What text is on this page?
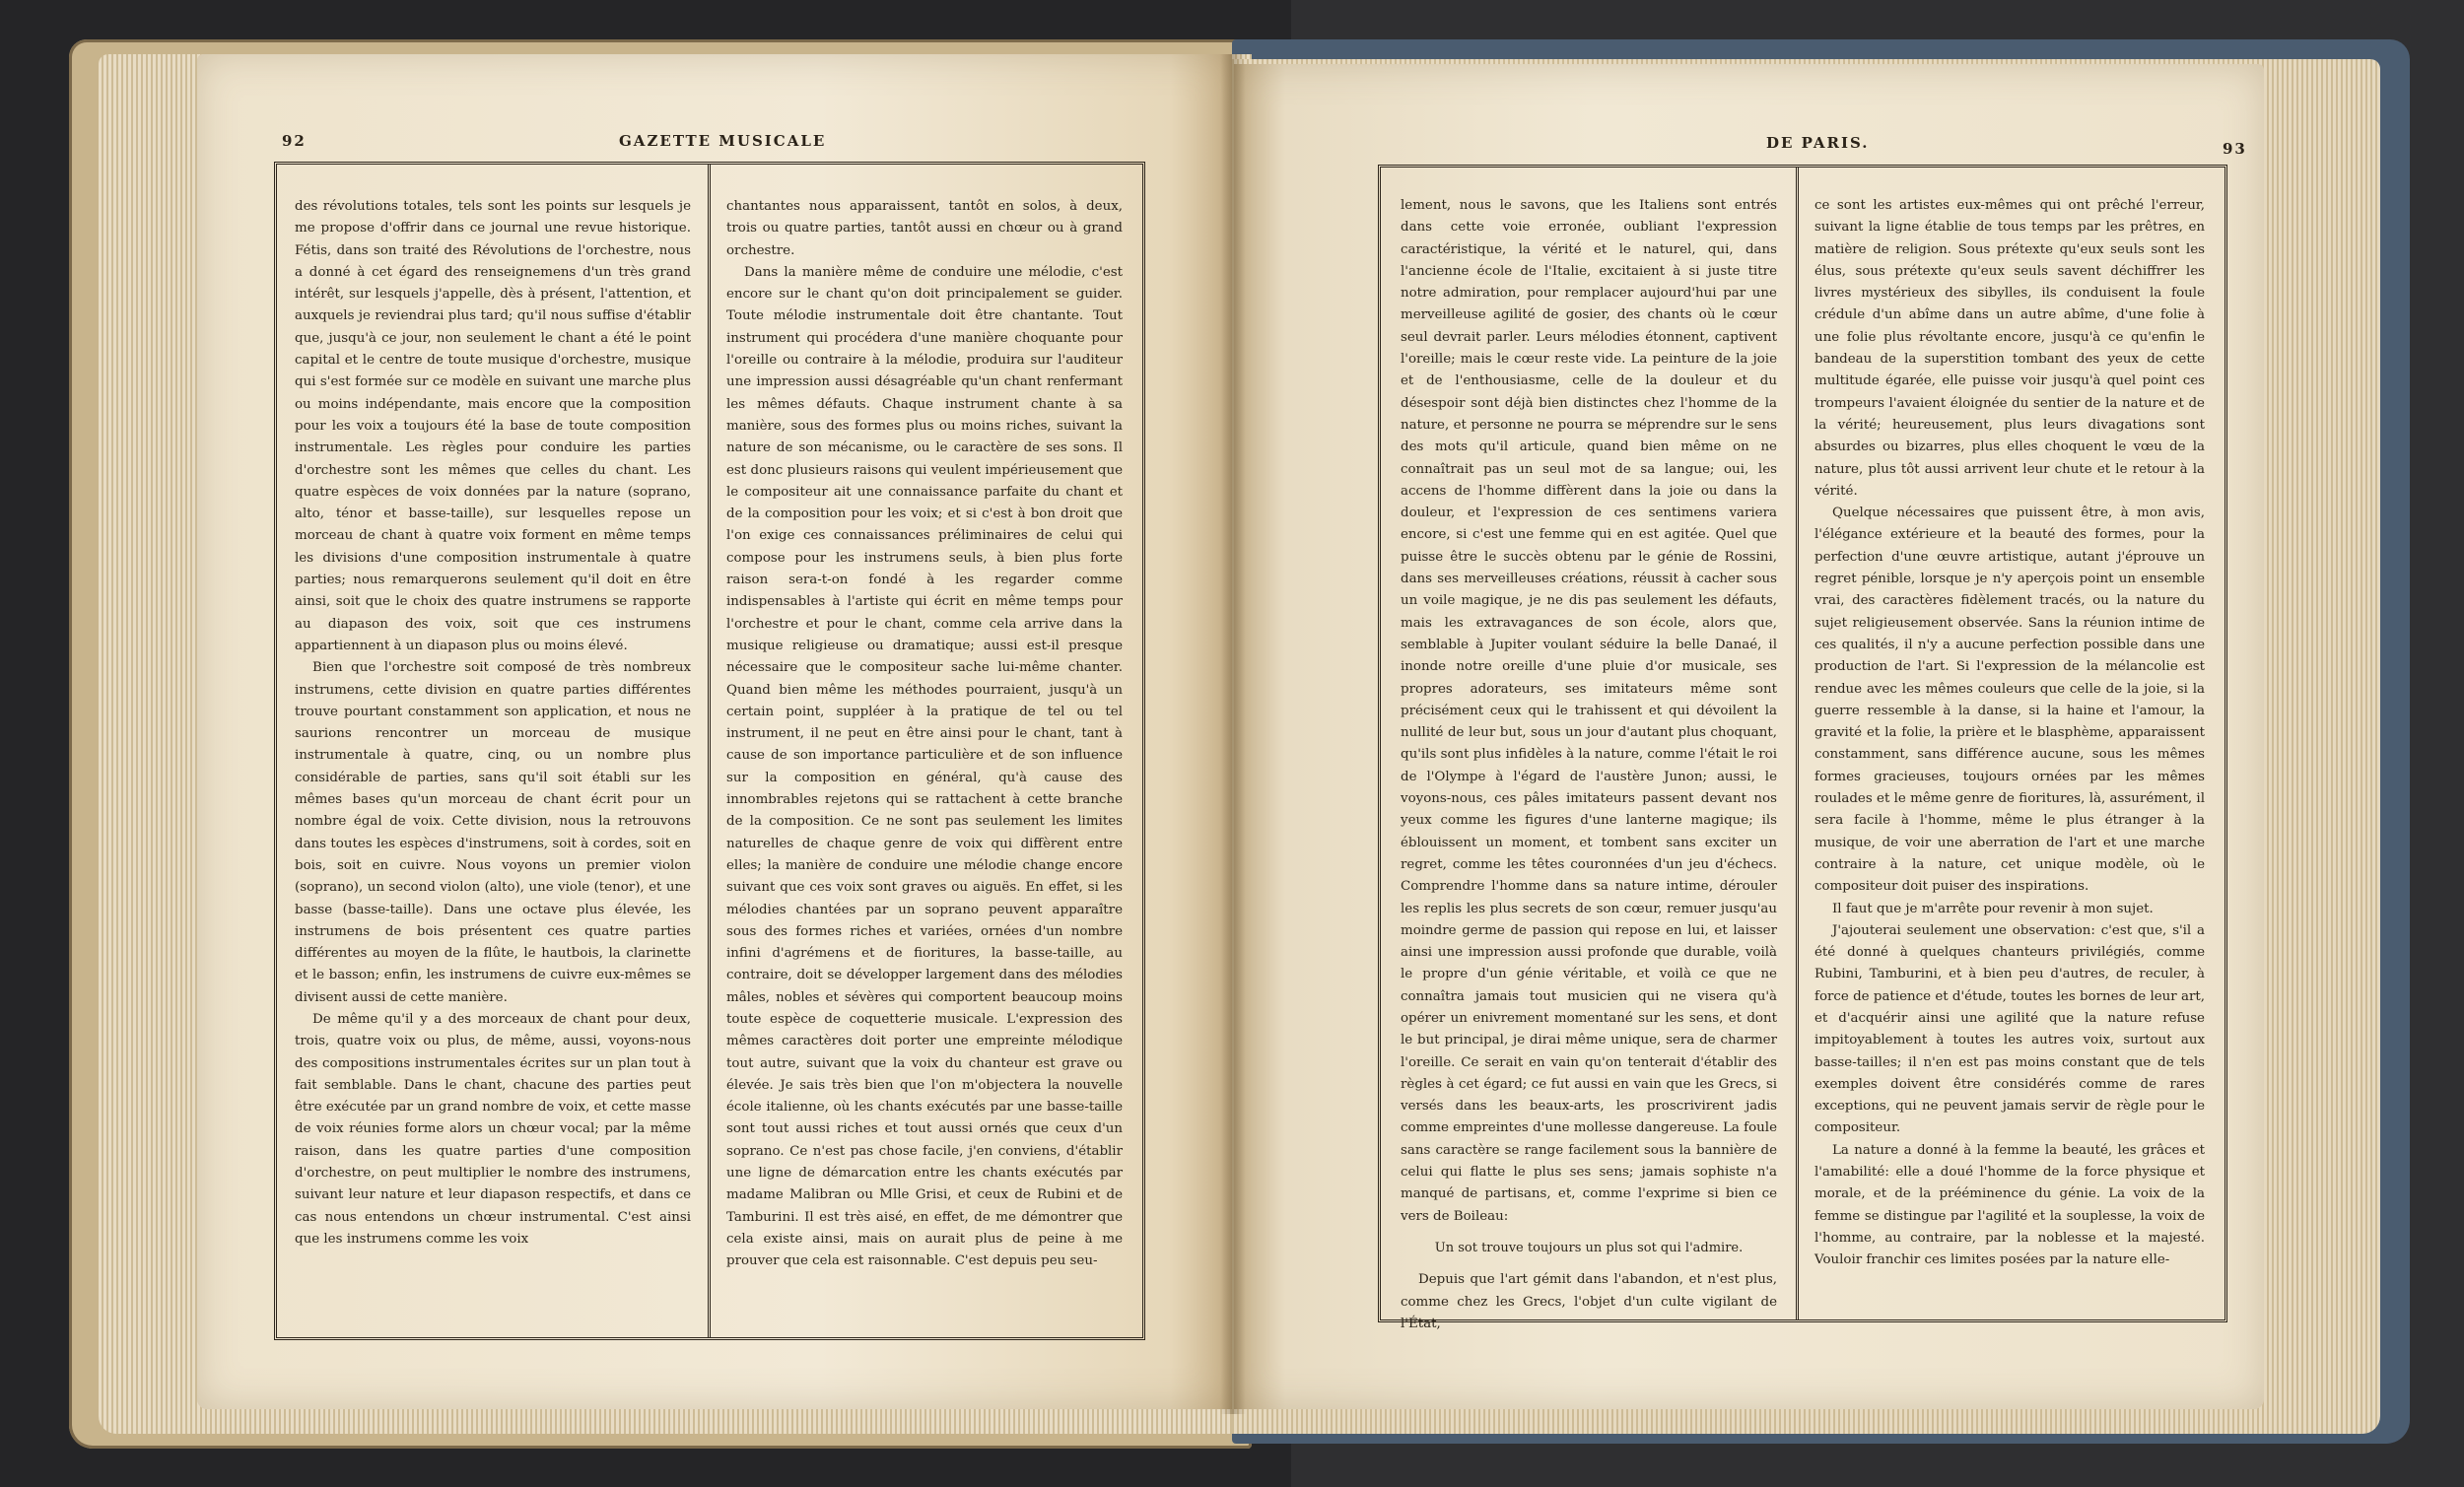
92	GAZETTE MUSICALE	DE PARIS.	93

des révolutions totales, tels sont les points sur lesquels je me propose d'offrir dans ce journal une revue historique. Fétis, dans son traité des Révolutions de l'orchestre, nous a donné à cet égard des renseignemens d'un très grand intérêt, sur lesquels j'appelle, dès à présent, l'attention, et auxquels je reviendrai plus tard; qu'il nous suffise d'établir que, jusqu'à ce jour, non seulement le chant a été le point capital et le centre de toute musique d'orchestre, musique qui s'est formée sur ce modèle en suivant une marche plus ou moins indépendante, mais encore que la composition pour les voix a toujours été la base de toute composition instrumentale. Les règles pour conduire les parties d'orchestre sont les mêmes que celles du chant. Les quatre espèces de voix données par la nature (soprano, alto, ténor et basse-taille), sur lesquelles repose un morceau de chant à quatre voix forment en même temps les divisions d'une composition instrumentale à quatre parties; nous remarquerons seulement qu'il doit en être ainsi, soit que le choix des quatre instrumens se rapporte au diapason des voix, soit que ces instrumens appartiennent à un diapason plus ou moins élevé.

Bien que l'orchestre soit composé de très nombreux instrumens, cette division en quatre parties différentes trouve pourtant constamment son application, et nous ne saurions rencontrer un morceau de musique instrumentale à quatre, cinq, ou un nombre plus considérable de parties, sans qu'il soit établi sur les mêmes bases qu'un morceau de chant écrit pour un nombre égal de voix. Cette division, nous la retrouvons dans toutes les espèces d'instrumens, soit à cordes, soit en bois, soit en cuivre. Nous voyons un premier violon (soprano), un second violon (alto), une viole (tenor), et une basse (basse-taille). Dans une octave plus élevée, les instrumens de bois présentent ces quatre parties différentes au moyen de la flûte, le hautbois, la clarinette et le basson; enfin, les instrumens de cuivre eux-mêmes se divisent aussi de cette manière.

De même qu'il y a des morceaux de chant pour deux, trois, quatre voix ou plus, de même, aussi, voyons-nous des compositions instrumentales écrites sur un plan tout à fait semblable. Dans le chant, chacune des parties peut être exécutée par un grand nombre de voix, et cette masse de voix réunies forme alors un chœur vocal; par la même raison, dans les quatre parties d'une composition d'orchestre, on peut multiplier le nombre des instrumens, suivant leur nature et leur diapason respectifs, et dans ce cas nous entendons un chœur instrumental. C'est ainsi que les instrumens comme les voix

chantantes nous apparaissent, tantôt en solos, à deux, trois ou quatre parties, tantôt aussi en chœur ou à grand orchestre.

Dans la manière même de conduire une mélodie, c'est encore sur le chant qu'on doit principalement se guider. Toute mélodie instrumentale doit être chantante. Tout instrument qui procédera d'une manière choquante pour l'oreille ou contraire à la mélodie, produira sur l'auditeur une impression aussi désagréable qu'un chant renfermant les mêmes défauts. Chaque instrument chante à sa manière, sous des formes plus ou moins riches, suivant la nature de son mécanisme, ou le caractère de ses sons. Il est donc plusieurs raisons qui veulent impérieusement que le compositeur ait une connaissance parfaite du chant et de la composition pour les voix; et si c'est à bon droit que l'on exige ces connaissances préliminaires de celui qui compose pour les instrumens seuls, à bien plus forte raison sera-t-on fondé à les regarder comme indispensables à l'artiste qui écrit en même temps pour l'orchestre et pour le chant, comme cela arrive dans la musique religieuse ou dramatique; aussi est-il presque nécessaire que le compositeur sache lui-même chanter. Quand bien même les méthodes pourraient, jusqu'à un certain point, suppléer à la pratique de tel ou tel instrument, il ne peut en être ainsi pour le chant, tant à cause de son importance particulière et de son influence sur la composition en général, qu'à cause des innombrables rejetons qui se rattachent à cette branche de la composition. Ce ne sont pas seulement les limites naturelles de chaque genre de voix qui diffèrent entre elles; la manière de conduire une mélodie change encore suivant que ces voix sont graves ou aiguës. En effet, si les mélodies chantées par un soprano peuvent apparaître sous des formes riches et variées, ornées d'un nombre infini d'agrémens et de fioritures, la basse-taille, au contraire, doit se développer largement dans des mélodies mâles, nobles et sévères qui comportent beaucoup moins toute espèce de coquetterie musicale. L'expression des mêmes caractères doit porter une empreinte mélodique tout autre, suivant que la voix du chanteur est grave ou élevée. Je sais très bien que l'on m'objectera la nouvelle école italienne, où les chants exécutés par une basse-taille sont tout aussi riches et tout aussi ornés que ceux d'un soprano. Ce n'est pas chose facile, j'en conviens, d'établir une ligne de démarcation entre les chants exécutés par madame Malibran ou Mlle Grisi, et ceux de Rubini et de Tamburini. Il est très aisé, en effet, de me démontrer que cela existe ainsi, mais on aurait plus de peine à me prouver que cela est raisonnable. C'est depuis peu seu-

lement, nous le savons, que les Italiens sont entrés dans cette voie erronée, oubliant l'expression caractéristique, la vérité et le naturel, qui, dans l'ancienne école de l'Italie, excitaient à si juste titre notre admiration, pour remplacer aujourd'hui par une merveilleuse agilité de gosier, des chants où le cœur seul devrait parler. Leurs mélodies étonnent, captivent l'oreille; mais le cœur reste vide. La peinture de la joie et de l'enthousiasme, celle de la douleur et du désespoir sont déjà bien distinctes chez l'homme de la nature, et personne ne pourra se méprendre sur le sens des mots qu'il articule, quand bien même on ne connaîtrait pas un seul mot de sa langue; oui, les accens de l'homme diffèrent dans la joie ou dans la douleur, et l'expression de ces sentimens variera encore, si c'est une femme qui en est agitée. Quel que puisse être le succès obtenu par le génie de Rossini, dans ses merveilleuses créations, réussit à cacher sous un voile magique, je ne dis pas seulement les défauts, mais les extravagances de son école, alors que, semblable à Jupiter voulant séduire la belle Danaé, il inonde notre oreille d'une pluie d'or musicale, ses propres adorateurs, ses imitateurs même sont précisément ceux qui le trahissent et qui dévoilent la nullité de leur but, sous un jour d'autant plus choquant, qu'ils sont plus infidèles à la nature, comme l'était le roi de l'Olympe à l'égard de l'austère Junon; aussi, le voyons-nous, ces pâles imitateurs passent devant nos yeux comme les figures d'une lanterne magique; ils éblouissent un moment, et tombent sans exciter un regret, comme les têtes couronnées d'un jeu d'échecs. Comprendre l'homme dans sa nature intime, dérouler les replis les plus secrets de son cœur, remuer jusqu'au moindre germe de passion qui repose en lui, et laisser ainsi une impression aussi profonde que durable, voilà le propre d'un génie véritable, et voilà ce que ne connaîtra jamais tout musicien qui ne visera qu'à opérer un enivrement momentané sur les sens, et dont le but principal, je dirai même unique, sera de charmer l'oreille. Ce serait en vain qu'on tenterait d'établir des règles à cet égard; ce fut aussi en vain que les Grecs, si versés dans les beaux-arts, les proscrivirent jadis comme empreintes d'une mollesse dangereuse. La foule sans caractère se range facilement sous la bannière de celui qui flatte le plus ses sens; jamais sophiste n'a manqué de partisans, et, comme l'exprime si bien ce vers de Boileau:

Un sot trouve toujours un plus sot qui l'admire.

Depuis que l'art gémit dans l'abandon, et n'est plus, comme chez les Grecs, l'objet d'un culte vigilant de l'État,

ce sont les artistes eux-mêmes qui ont prêché l'erreur, suivant la ligne établie de tous temps par les prêtres, en matière de religion. Sous prétexte qu'eux seuls sont les élus, sous prétexte qu'eux seuls savent déchiffrer les livres mystérieux des sibylles, ils conduisent la foule crédule d'un abîme dans un autre abîme, d'une folie à une folie plus révoltante encore, jusqu'à ce qu'enfin le bandeau de la superstition tombant des yeux de cette multitude égarée, elle puisse voir jusqu'à quel point ces trompeurs l'avaient éloignée du sentier de la nature et de la vérité; heureusement, plus leurs divagations sont absurdes ou bizarres, plus elles choquent le vœu de la nature, plus tôt aussi arrivent leur chute et le retour à la vérité.

Quelque nécessaires que puissent être, à mon avis, l'élégance extérieure et la beauté des formes, pour la perfection d'une œuvre artistique, autant j'éprouve un regret pénible, lorsque je n'y aperçois point un ensemble vrai, des caractères fidèlement tracés, ou la nature du sujet religieusement observée. Sans la réunion intime de ces qualités, il n'y a aucune perfection possible dans une production de l'art. Si l'expression de la mélancolie est rendue avec les mêmes couleurs que celle de la joie, si la guerre ressemble à la danse, si la haine et l'amour, la gravité et la folie, la prière et le blasphème, apparaissent constamment, sans différence aucune, sous les mêmes formes gracieuses, toujours ornées par les mêmes roulades et le même genre de fioritures, là, assurément, il sera facile à l'homme, même le plus étranger à la musique, de voir une aberration de l'art et une marche contraire à la nature, cet unique modèle, où le compositeur doit puiser des inspirations.

Il faut que je m'arrête pour revenir à mon sujet.

J'ajouterai seulement une observation: c'est que, s'il a été donné à quelques chanteurs privilégiés, comme Rubini, Tamburini, et à bien peu d'autres, de reculer, à force de patience et d'étude, toutes les bornes de leur art, et d'acquérir ainsi une agilité que la nature refuse impitoyablement à toutes les autres voix, surtout aux basse-tailles; il n'en est pas moins constant que de tels exemples doivent être considérés comme de rares exceptions, qui ne peuvent jamais servir de règle pour le compositeur.

La nature a donné à la femme la beauté, les grâces et l'amabilité: elle a doué l'homme de la force physique et morale, et de la prééminence du génie. La voix de la femme se distingue par l'agilité et la souplesse, la voix de l'homme, au contraire, par la noblesse et la majesté. Vouloir franchir ces limites posées par la nature elle-
